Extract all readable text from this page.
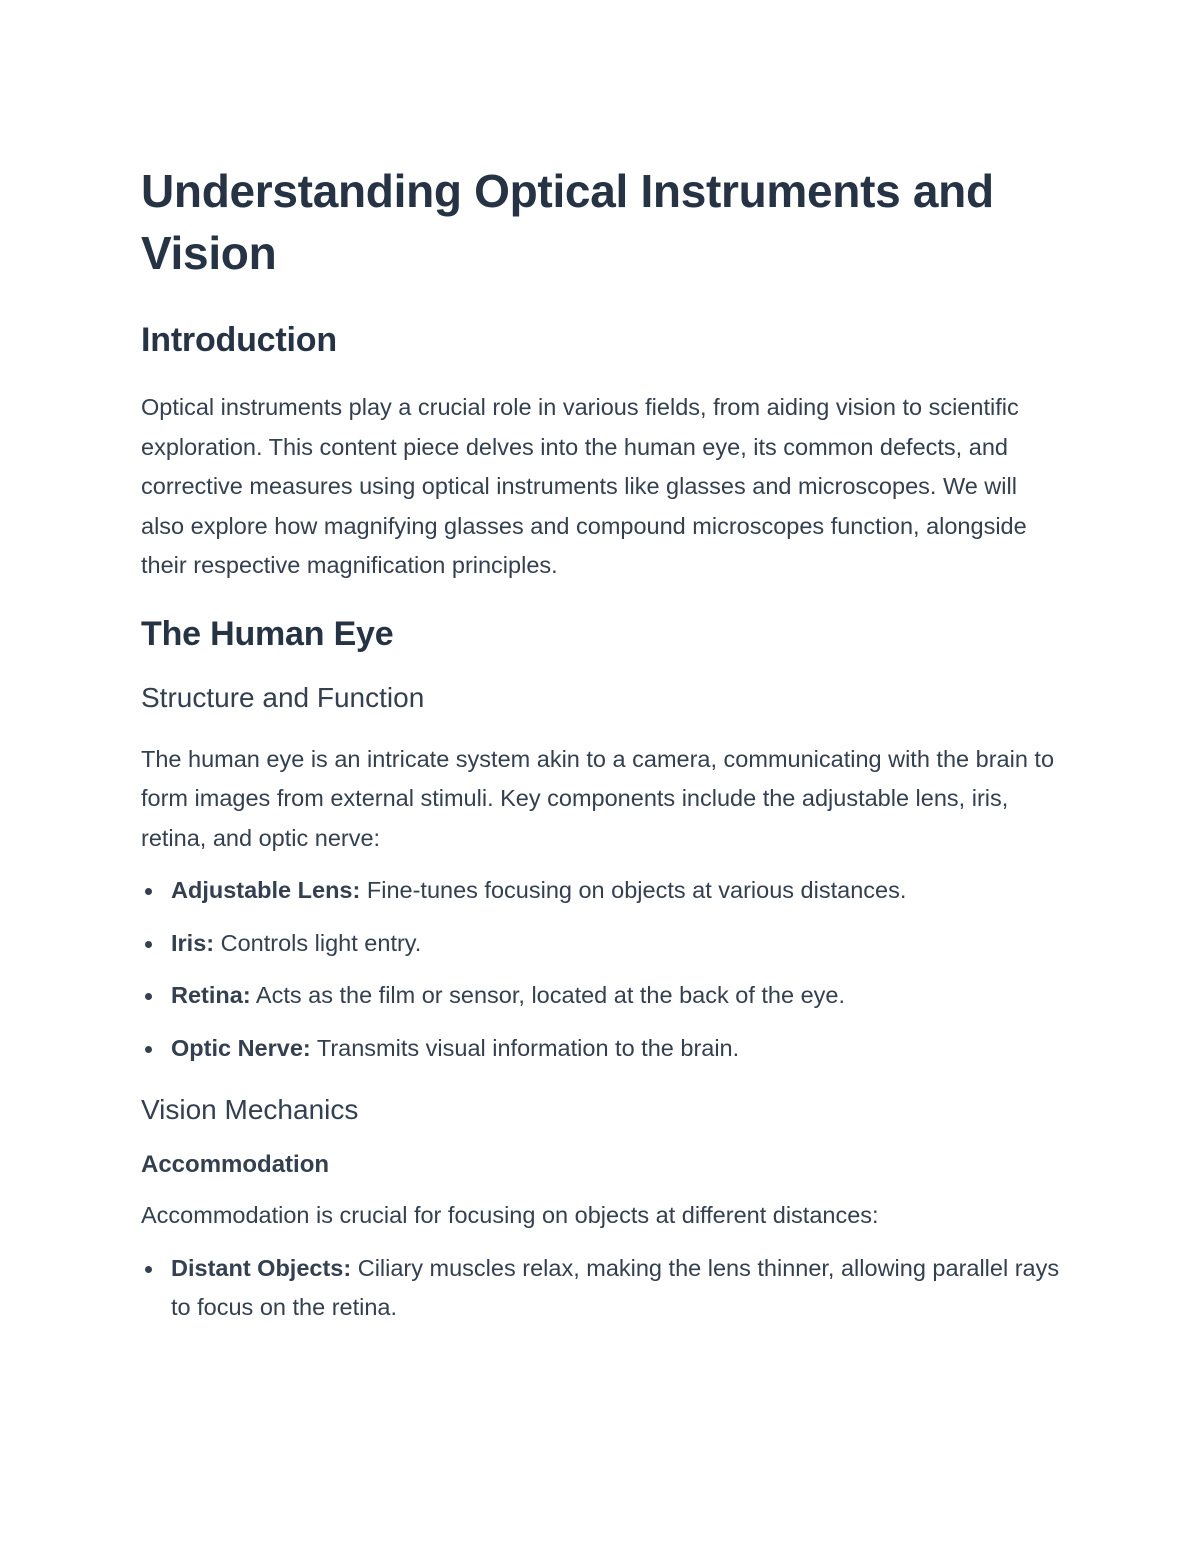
Understanding Optical Instruments and Vision
Introduction

Optical instruments play a crucial role in various fields, from aiding vision to scientific exploration. This content piece delves into the human eye, its common defects, and corrective measures using optical instruments like glasses and microscopes. We will also explore how magnifying glasses and compound microscopes function, alongside their respective magnification principles.

The Human Eye
Structure and Function

The human eye is an intricate system akin to a camera, communicating with the brain to form images from external stimuli. Key components include the adjustable lens, iris, retina, and optic nerve:

Adjustable Lens: Fine-tunes focusing on objects at various distances.
Iris: Controls light entry.
Retina: Acts as the film or sensor, located at the back of the eye.
Optic Nerve: Transmits visual information to the brain.
Vision Mechanics
Accommodation

Accommodation is crucial for focusing on objects at different distances:

Distant Objects: Ciliary muscles relax, making the lens thinner, allowing parallel rays to focus on the retina.
